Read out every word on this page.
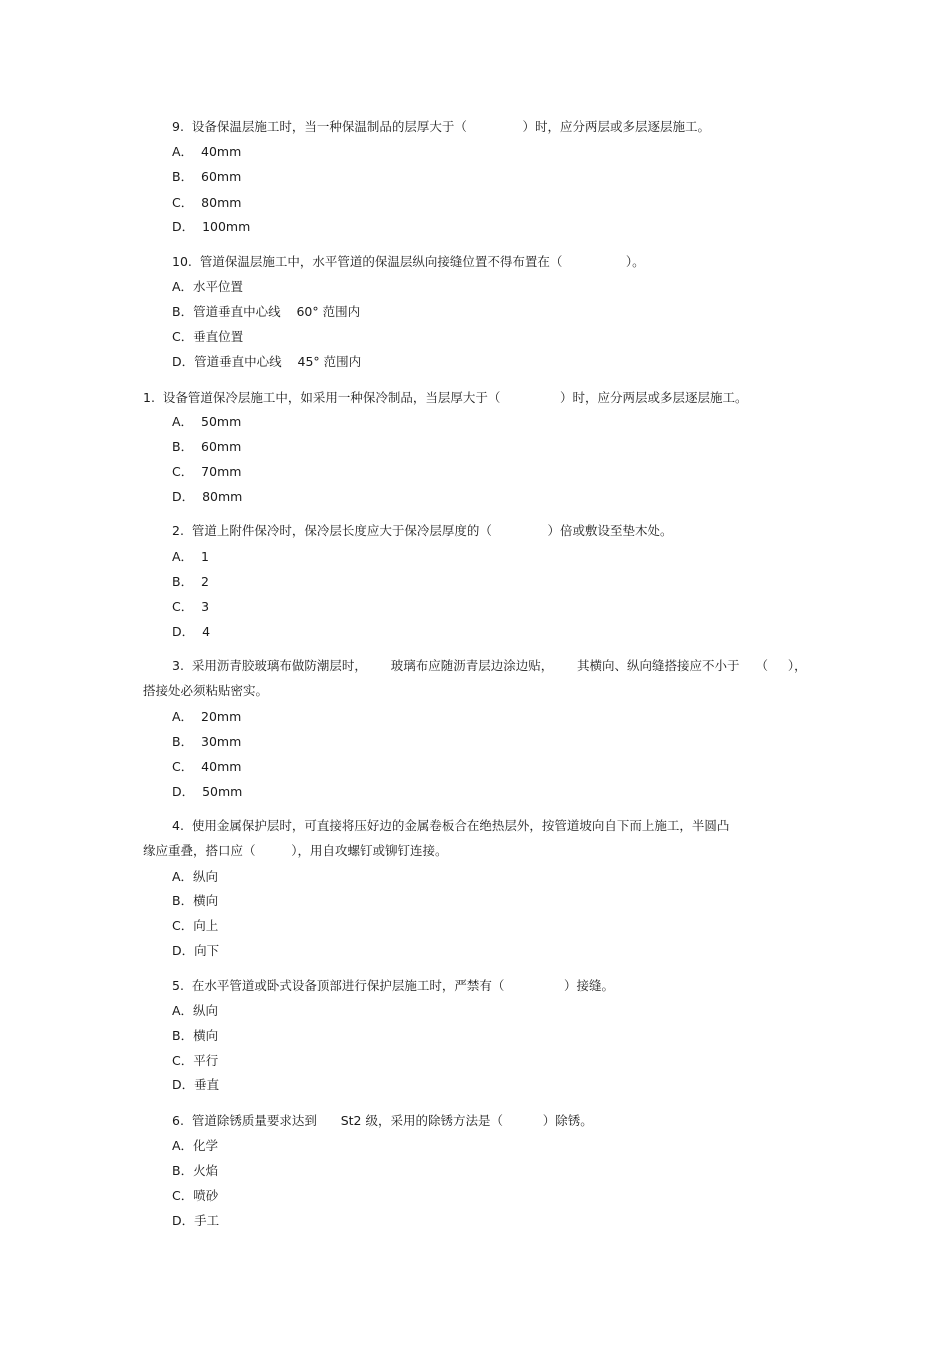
9.  设备保温层施工时，当一种保温制品的层厚大于（              ）时，应分两层或多层逐层施工。
A．  40mm
B．  60mm
C．  80mm
D．  100mm
10.  管道保温层施工中，水平管道的保温层纵向接缝位置不得布置在（                ）。
A．水平位置
B．管道垂直中心线    60° 范围内
C．垂直位置
D．管道垂直中心线    45° 范围内
1.  设备管道保冷层施工中，如采用一种保冷制品，当层厚大于（               ）时，应分两层或多层逐层施工。
A．  50mm
B．  60mm
C．  70mm
D．  80mm
2.  管道上附件保冷时，保冷层长度应大于保冷层厚度的（              ）倍或敷设至垫木处。
A．  1
B．  2
C．  3
D．  4
3.  采用沥青胶玻璃布做防潮层时，      玻璃布应随沥青层边涂边贴，      其横向、纵向缝搭接应不小于    （     ），
搭接处必须粘贴密实。
A．  20mm
B．  30mm
C．  40mm
D．  50mm
4.  使用金属保护层时，可直接将压好边的金属卷板合在绝热层外，按管道坡向自下而上施工，半圆凸
缘应重叠，搭口应（         ），用自攻螺钉或铆钉连接。
A．纵向
B．横向
C．向上
D．向下
5.  在水平管道或卧式设备顶部进行保护层施工时，严禁有（               ）接缝。
A．纵向
B．横向
C．平行
D．垂直
6.  管道除锈质量要求达到      St2 级，采用的除锈方法是（          ）除锈。
A．化学
B．火焰
C．喷砂
D．手工
